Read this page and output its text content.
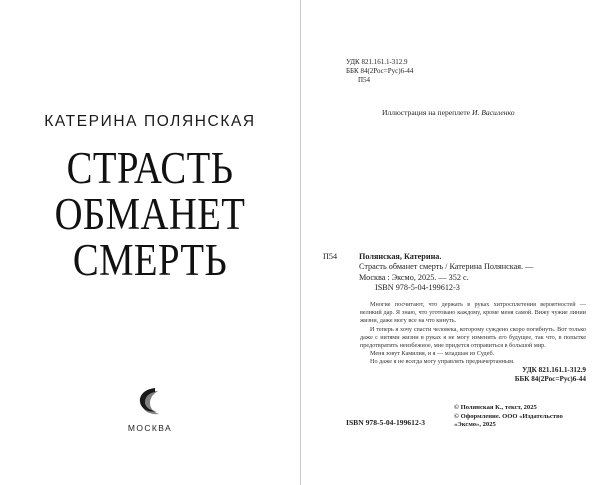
КАТЕРИНА ПОЛЯНСКАЯ
СТРАСТЬ
ОБМАНЕТ
СМЕРТЬ
МОСКВА
УДК 821.161.1-312.9
ББК 84(2Рос=Рус)6-44
П54
Иллюстрация на переплете И. Василенко
П54	Полянская, Катерина.
Страсть обманет смерть / Катерина Полянская. —
Москва : Эксмо, 2025. — 352 с.
ISBN 978-5-04-199612-3

Многие посчитают, что держать в руках хитросплетения вероятностей — великий дар. Я знаю, что уготовано каждому, кроме меня самой. Вижу чужие линии жизни, даже могу все на что кинуть.

И теперь я хочу спасти человека, которому суждено скоро погибнуть. Вот только даже с нитями жизни в руках я не могу изменить его будущее, так что, в попытке предотвратить неизбежное, мне придется отправиться в большой мир.

Меня зовут Камилия, и я — младшая из Судеб.

Но даже я не всегда могу управлять предначертанным.

УДК 821.161.1-312.9
ББК 84(2Рос=Рус)6-44
© Полянская К., текст, 2025
© Оформление. ООО «Издательство «Эксмо», 2025
ISBN 978-5-04-199612-3
